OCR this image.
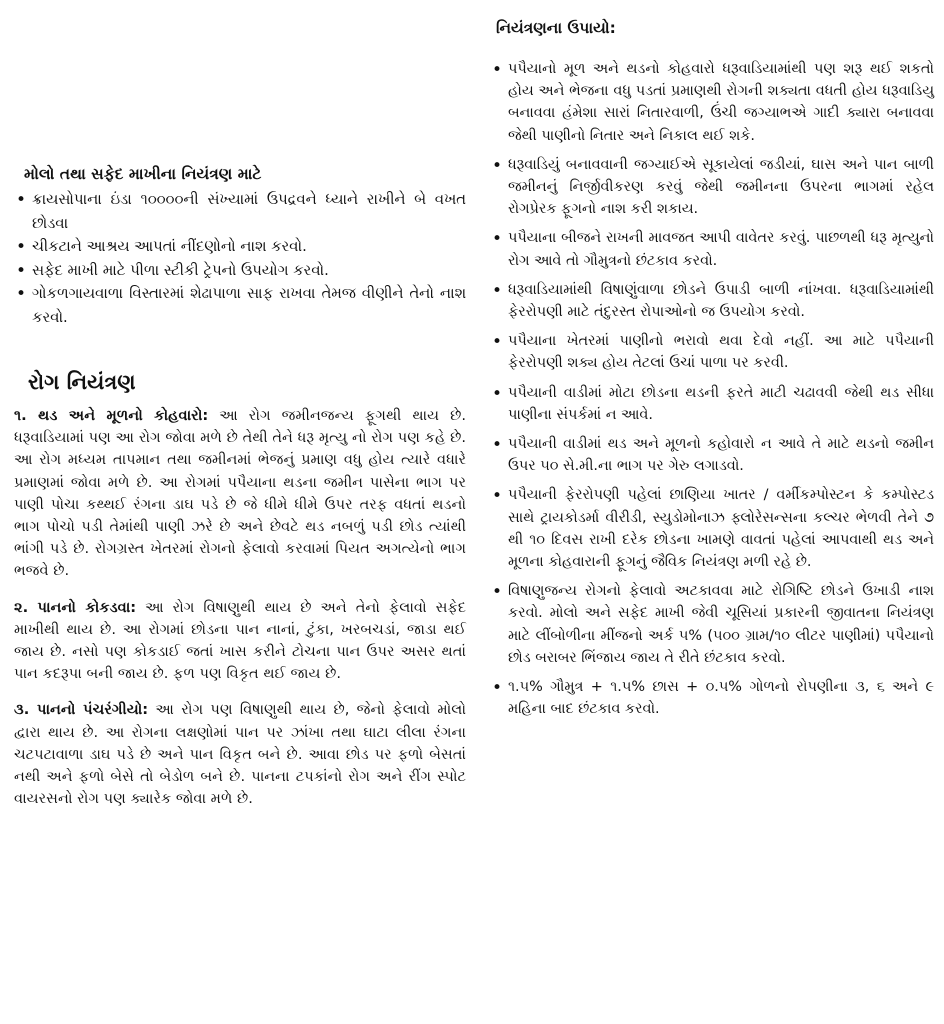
મોલો તથા સફેદ માખીના નિયંત્રણ માટે
• ક્રાયસોપાના ઇંડા ૧૦૦૦૦ની સંખ્યામાં ઉપદ્રવને ધ્યાને રાખીને બે વખત છોડવા
• ચીકટાને આશ્રય આપતાં નીંદણોનો નાશ કરવો.
• સફેદ માખી માટે પીળા સ્ટીકી ટ્રેપનો ઉપયોગ કરવો.
• ગોકળગાયવાળા વિસ્તારમાં શેઢાપાળા સાફ રાખવા તેમજ વીણીને તેનો નાશ કરવો.
રોગ નિયંત્રણ

૧. થડ અને મૂળનો કોહવારો: આ રોગ જમીનજન્ય ફૂગથી થાય છે. ધરૂવાડિયામાં પણ આ રોગ જોવા મળે છે તેથી તેને ધરૂ મૃત્યુ નો રોગ પણ કહે છે. આ રોગ મધ્યમ તાપમાન તથા જમીનમાં ભેજનું પ્રમાણ વધુ હોય ત્યારે વધારે પ્રમાણમાં જોવા મળે છે. આ રોગમાં પપૈયાના થડના જમીન પાસેના ભાગ પર પાણી પોચા કથ્થઈ રંગના ડાઘ પડે છે જે ધીમે ધીમે ઉપર તરફ વધતાં થડનો ભાગ પોચો પડી તેમાંથી પાણી ઝરે છે અને છેવટે થડ નબળું પડી છોડ ત્યાંથી ભાંગી પડે છે. રોગગ્રસ્ત ખેતરમાં રોગનો ફેલાવો કરવામાં પિયત અગત્યેનો ભાગ ભજવે છે.

૨. પાનનો કોકડવા: આ રોગ વિષાણુથી થાય છે અને તેનો ફેલાવો સફેદ માખીથી થાય છે. આ રોગમાં છોડના પાન નાનાં, ટુંકા, ખરબચડાં, જાડા થઈ જાય છે. નસો પણ કોકડાઈ જતાં ખાસ કરીને ટોચના પાન ઉપર અસર થતાં પાન કદરૂપા બની જાય છે. ફળ પણ વિકૃત થઈ જાય છે.

૩. પાનનો પંચરંગીયો: આ રોગ પણ વિષાણુથી થાય છે, જેનો ફેલાવો મોલો દ્વારા થાય છે. આ રોગના લક્ષણોમાં પાન પર ઝાંખા તથા ઘાટા લીલા રંગના ચટપટાવાળા ડાઘ પડે છે અને પાન વિકૃત બને છે. આવા છોડ પર ફળો બેસતાં નથી અને ફળો બેસે તો બેડોળ બને છે. પાનના ટપકાંનો રોગ અને રીંગ સ્પોટ વાયરસનો રોગ પણ ક્યારેક જોવા મળે છે.

નિયંત્રણના ઉપાયો:
• પપૈયાનો મૂળ અને થડનો કોહવારો ધરૂવાડિયામાંથી પણ શરૂ થઈ શકતો હોય અને ભેજના વધુ પડતાં પ્રમાણથી રોગની શક્યતા વધતી હોય ધરૂવાડિયુ બનાવવા હંમેશા સારાં નિતારવાળી, ઉંચી જગ્યાભએ ગાદી ક્યારા બનાવવા જેથી પાણીનો નિતાર અને નિકાલ થઈ શકે.
• ધરૂવાડિયું બનાવવાની જગ્યાઈએ સૂકાયેલાં જડીયાં, ઘાસ અને પાન બાળી જમીનનું નિર્જીવીકરણ કરવું જેથી જમીનના ઉપરના ભાગમાં રહેલ રોગપ્રેરક ફૂગનો નાશ કરી શકાય.
• પપૈયાના બીજને રાખની માવજત આપી વાવેતર કરવું. પાછળથી ધરૂ મૃત્યુનો રોગ આવે તો ગૌમુત્રનો છંટકાવ કરવો.
• ધરૂવાડિયામાંથી વિષાણુંવાળા છોડને ઉપાડી બાળી નાંખવા. ધરૂવાડિયામાંથી ફેરરોપણી માટે તંદુરસ્ત રોપાઓનો જ ઉપયોગ કરવો.
• પપૈયાના ખેતરમાં પાણીનો ભરાવો થવા દેવો નહીં. આ માટે પપૈયાની ફેરરોપણી શક્ય હોય તેટલાં ઉચાં પાળા પર કરવી.
• પપૈયાની વાડીમાં મોટા છોડના થડની ફરતે માટી ચઢાવવી જેથી થડ સીધા પાણીના સંપર્કમાં ન આવે.
• પપૈયાની વાડીમાં થડ અને મૂળનો કહોવારો ન આવે તે માટે થડનો જમીન ઉપર ૫૦ સે.મી.ના ભાગ પર ગેરુ લગાડવો.
• પપૈયાની ફેરરોપણી પહેલાં છાણિયા ખાતર / વર્મીકમ્પોસ્ટન કે કમ્પોસ્ટડ સાથે ટ્રાયકોડર્મા વીરીડી, સ્યુડોમોનાઝ ફ્લોરેસન્સના કલ્ચર ભેળવી તેને ૭ થી ૧૦ દિવસ રાખી દરેક છોડના ખામણે વાવતાં પહેલાં આપવાથી થડ અને મૂળના કોહવારાની ફૂગનું જૈવિક નિયંત્રણ મળી રહે છે.
• વિષાણુજન્ય રોગનો ફેલાવો અટકાવવા માટે રોગિષ્ટિ છોડને ઉખાડી નાશ કરવો. મોલો અને સફેદ માખી જેવી ચૂસિયાં પ્રકારની જીવાતના નિયંત્રણ માટે લીંબોળીના મીંજનો અર્ક ૫% (૫૦૦ ગ્રામ/૧૦ લીટર પાણીમાં) પપૈયાનો છોડ બરાબર ભિંજાય જાય તે રીતે છંટકાવ કરવો.
• ૧.૫% ગૌમુત્ર + ૧.૫% છાસ + ૦.૫% ગોળનો રોપણીના ૩, ૬ અને ૯ મહિના બાદ છંટકાવ કરવો.
